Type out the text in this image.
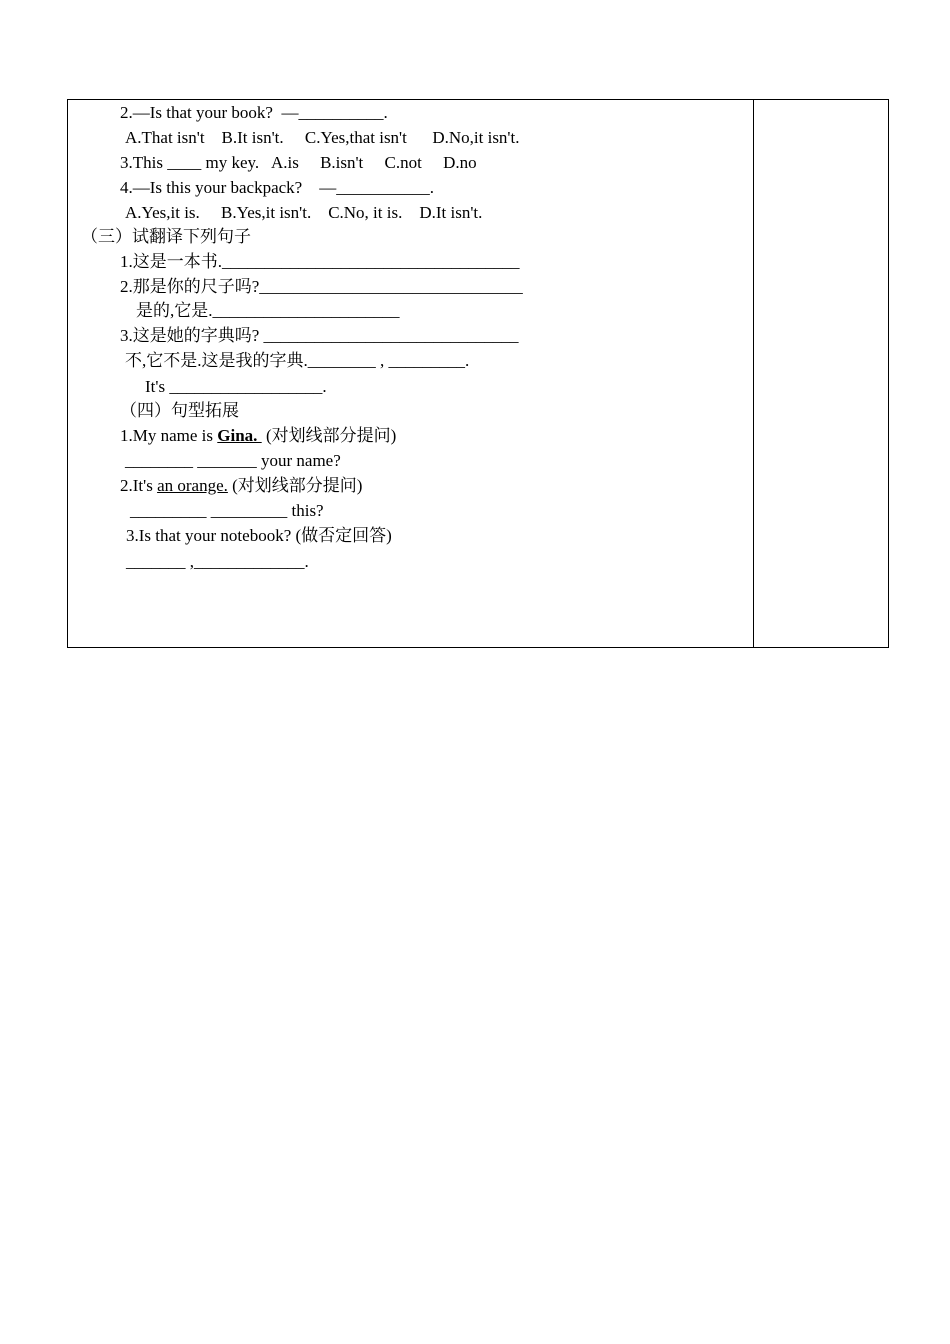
2.—Is that your book?  —__________.
A.That isn't    B.It isn't.     C.Yes,that isn't      D.No,it isn't.
3.This ____ my key.   A.is     B.isn't     C.not     D.no
4.—Is this your backpack?    —___________.
A.Yes,it is.     B.Yes,it isn't.    C.No, it is.    D.It isn't.
（三）试翻译下列句子
1.这是一本书.___________________________________
2.那是你的尺子吗?_______________________________
是的,它是.______________________
3.这是她的字典吗? ______________________________
不,它不是.这是我的字典.________ , _________.
It's __________________.
（四）句型拓展
1.My name is Gina.  (对划线部分提问)
________ _______ your name?
2.It's an orange. (对划线部分提问)
_________ _________ this?
3.Is that your notebook? (做否定回答)
_______ ,_____________.
